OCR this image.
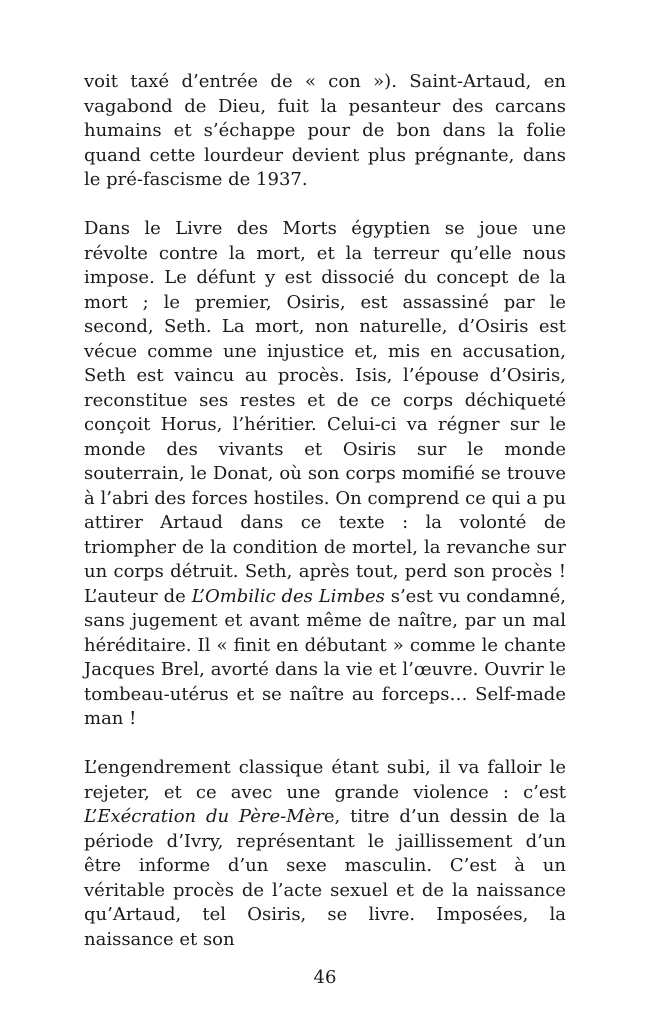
voit taxé d’entrée de « con »). Saint-Artaud, en vagabond de Dieu, fuit la pesanteur des carcans humains et s’échappe pour de bon dans la folie quand cette lourdeur devient plus prégnante, dans le pré-fascisme de 1937.

Dans le Livre des Morts égyptien se joue une révolte contre la mort, et la terreur qu’elle nous impose. Le défunt y est dissocié du concept de la mort ; le premier, Osiris, est assassiné par le second, Seth. La mort, non naturelle, d’Osiris est vécue comme une injustice et, mis en accusation, Seth est vaincu au procès. Isis, l’épouse d’Osiris, reconstitue ses restes et de ce corps déchiqueté conçoit Horus, l’héritier. Celui-ci va régner sur le monde des vivants et Osiris sur le monde souterrain, le Donat, où son corps momifié se trouve à l’abri des forces hostiles. On comprend ce qui a pu attirer Artaud dans ce texte : la volonté de triompher de la condition de mortel, la revanche sur un corps détruit. Seth, après tout, perd son procès ! L’auteur de L’Ombilic des Limbes s’est vu condamné, sans jugement et avant même de naître, par un mal héréditaire. Il « finit en débutant » comme le chante Jacques Brel, avorté dans la vie et l’œuvre. Ouvrir le tombeau-utérus et se naître au forceps… Self-made man !

L’engendrement classique étant subi, il va falloir le rejeter, et ce avec une grande violence : c’est L’Exécration du Père-Mère, titre d’un dessin de la période d’Ivry, représentant le jaillissement d’un être informe d’un sexe masculin. C’est à un véritable procès de l’acte sexuel et de la naissance qu’Artaud, tel Osiris, se livre. Imposées, la naissance et son

46
